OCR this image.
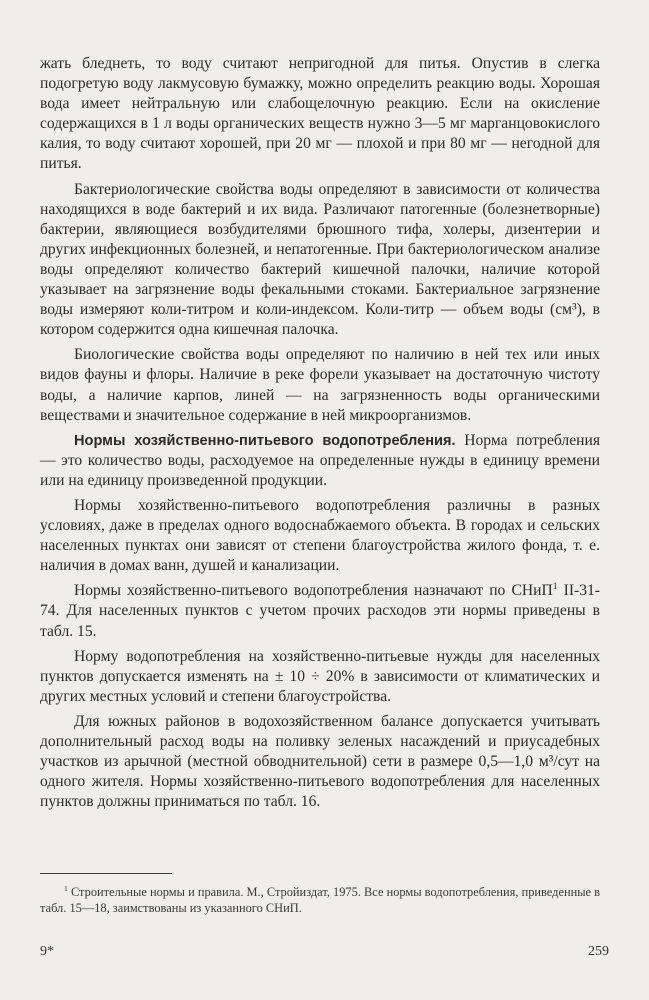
жать бледнеть, то воду считают непригодной для питья. Опустив в слегка подогретую воду лакмусовую бумажку, можно определить реакцию воды. Хорошая вода имеет нейтральную или слабощелочную реакцию. Если на окисление содержащихся в 1 л воды органических веществ нужно 3—5 мг марганцовокислого калия, то воду считают хорошей, при 20 мг — плохой и при 80 мг — негодной для питья.

Бактериологические свойства воды определяют в зависимости от количества находящихся в воде бактерий и их вида. Различают патогенные (болезнетворные) бактерии, являющиеся возбудителями брюшного тифа, холеры, дизентерии и других инфекционных болезней, и непатогенные. При бактериологическом анализе воды определяют количество бактерий кишечной палочки, наличие которой указывает на загрязнение воды фекальными стоками. Бактериальное загрязнение воды измеряют коли-титром и коли-индексом. Коли-титр — объем воды (см³), в котором содержится одна кишечная палочка.

Биологические свойства воды определяют по наличию в ней тех или иных видов фауны и флоры. Наличие в реке форели указывает на достаточную чистоту воды, а наличие карпов, линей — на загрязненность воды органическими веществами и значительное содержание в ней микроорганизмов.

Нормы хозяйственно-питьевого водопотребления. Норма потребления — это количество воды, расходуемое на определенные нужды в единицу времени или на единицу произведенной продукции.

Нормы хозяйственно-питьевого водопотребления различны в разных условиях, даже в пределах одного водоснабжаемого объекта. В городах и сельских населенных пунктах они зависят от степени благоустройства жилого фонда, т. е. наличия в домах ванн, душей и канализации.

Нормы хозяйственно-питьевого водопотребления назначают по СНиП$^1$ II-31-74. Для населенных пунктов с учетом прочих расходов эти нормы приведены в табл. 15.

Норму водопотребления на хозяйственно-питьевые нужды для населенных пунктов допускается изменять на ± 10 ÷ 20% в зависимости от климатических и других местных условий и степени благоустройства.

Для южных районов в водохозяйственном балансе допускается учитывать дополнительный расход воды на поливку зеленых насаждений и приусадебных участков из арычной (местной обводнительной) сети в размере 0,5—1,0 м³/сут на одного жителя. Нормы хозяйственно-питьевого водопотребления для населенных пунктов должны приниматься по табл. 16.

$^1$ Строительные нормы и правила. М., Стройиздат, 1975. Все нормы водопотребления, приведенные в табл. 15—18, заимствованы из указанного СНиП.

9*	259
